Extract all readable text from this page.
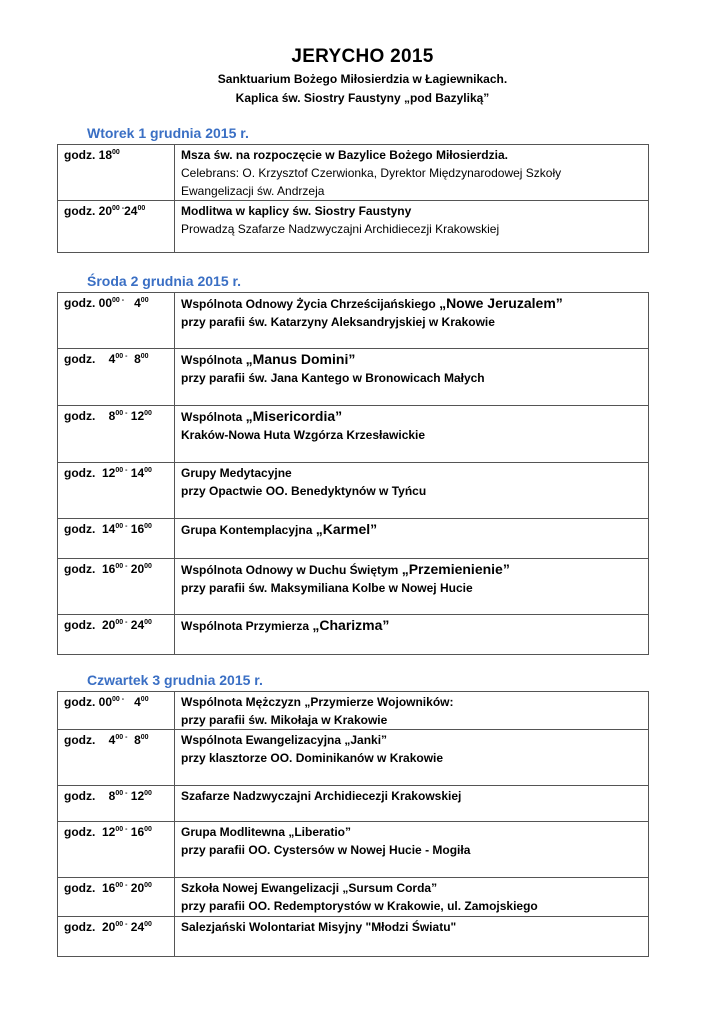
JERYCHO 2015
Sanktuarium Bożego Miłosierdzia w Łagiewnikach.
Kaplica św. Siostry Faustyny „pod Bazyliką”
Wtorek 1 grudnia 2015 r.
godz. $18^{00}$	Msza św. na rozpoczęcie w Bazylice Bożego Miłosierdzia.
Celebrans: O. Krzysztof Czerwionka, Dyrektor Międzynarodowej Szkoły
Ewangelizacji św. Andrzeja

godz. $20^{00 -}24^{00}$	Modlitwa w kaplicy św. Siostry Faustyny
Prowadzą Szafarze Nadzwyczajni Archidiecezji Krakowskiej
Środa 2 grudnia 2015 r.
godz. $00^{00 -}$ $4^{00}$	Wspólnota Odnowy Życia Chrześcijańskiego „Nowe Jeruzalem”
przy parafii św. Katarzyny Aleksandryjskiej w Krakowie

godz.    $4^{00 -}$ $8^{00}$	Wspólnota „Manus Domini”
przy parafii św. Jana Kantego w Bronowicach Małych

godz.    $8^{00 -}$ $12^{00}$	Wspólnota „Misericordia”
Kraków-Nowa Huta Wzgórza Krzesławickie

godz.  $12^{00 -}$ $14^{00}$	Grupy Medytacyjne
przy Opactwie OO. Benedyktynów w Tyńcu

godz.  $14^{00 -}$ $16^{00}$	Grupa Kontemplacyjna „Karmel”

godz.  $16^{00 -}$ $20^{00}$	Wspólnota Odnowy w Duchu Świętym „Przemienienie”
przy parafii św. Maksymiliana Kolbe w Nowej Hucie

godz.  $20^{00 -}$ $24^{00}$	Wspólnota Przymierza „Charizma”
Czwartek 3 grudnia 2015 r.
godz. $00^{00 -}$ $4^{00}$	Wspólnota Mężczyzn „Przymierze Wojowników:
przy parafii św. Mikołaja w Krakowie

godz.    $4^{00 -}$ $8^{00}$	Wspólnota Ewangelizacyjna „Janki”
przy klasztorze OO. Dominikanów w Krakowie

godz.    $8^{00 -}$ $12^{00}$	Szafarze Nadzwyczajni Archidiecezji Krakowskiej

godz.  $12^{00 -}$ $16^{00}$	Grupa Modlitewna „Liberatio”
przy parafii OO. Cystersów w Nowej Hucie - Mogiła

godz.  $16^{00 -}$ $20^{00}$	Szkoła Nowej Ewangelizacji „Sursum Corda”
przy parafii OO. Redemptorystów w Krakowie, ul. Zamojskiego

godz.  $20^{00 -}$ $24^{00}$	Salezjański Wolontariat Misyjny "Młodzi Światu"
